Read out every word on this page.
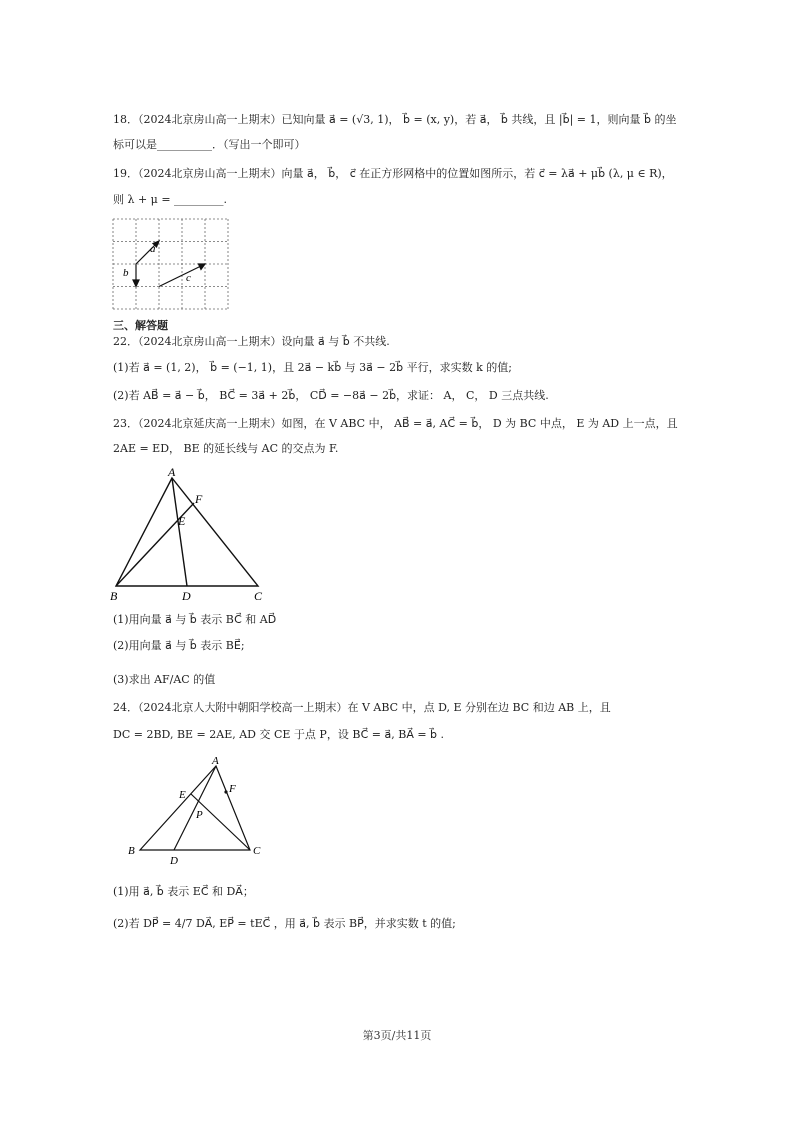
18．（2024北京房山高一上期末）已知向量 a⃗ = (√3, 1)， b⃗ = (x, y)，若 a⃗， b⃗ 共线，且 |b⃗| = 1，则向量 b⃗ 的坐
标可以是__________．（写出一个即可）
19．（2024北京房山高一上期末）向量 a⃗， b⃗， c⃗ 在正方形网格中的位置如图所示，若 c⃗ = λa⃗ + μb⃗ (λ, μ ∈ R)，
则 λ + μ = _________.
a⃗
b⃗	c⃗
三、解答题
22．（2024北京房山高一上期末）设向量 a⃗ 与 b⃗ 不共线.
(1)若 a⃗ = (1, 2)， b⃗ = (−1, 1)，且 2a⃗ − kb⃗ 与 3a⃗ − 2b⃗ 平行，求实数 k 的值;
(2)若 AB⃗ = a⃗ − b⃗， BC⃗ = 3a⃗ + 2b⃗， CD⃗ = −8a⃗ − 2b⃗，求证： A， C， D 三点共线.
23．（2024北京延庆高一上期末）如图，在 V ABC 中， AB⃗ = a⃗, AC⃗ = b⃗， D 为 BC 中点， E 为 AD 上一点，且
2AE = ED， BE 的延长线与 AC 的交点为 F.
A
B	C
D
E
F
(1)用向量 a⃗ 与 b⃗ 表示 BC⃗ 和 AD⃗
(2)用向量 a⃗ 与 b⃗ 表示 BE⃗;
(3)求出 AF/AC 的值
24．（2024北京人大附中朝阳学校高一上期末）在 V ABC 中，点 D, E 分别在边 BC 和边 AB 上，且
DC = 2BD, BE = 2AE, AD 交 CE 于点 P，设 BC⃗ = a⃗, BA⃗ = b⃗ .
A
B	C
D
E	F
P
(1)用 a⃗, b⃗ 表示 EC⃗ 和 DA⃗；
(2)若 DP⃗ = 4/7 DA⃗, EP⃗ = tEC⃗ ，用 a⃗, b⃗ 表示 BP⃗，并求实数 t 的值;
第3页/共11页
